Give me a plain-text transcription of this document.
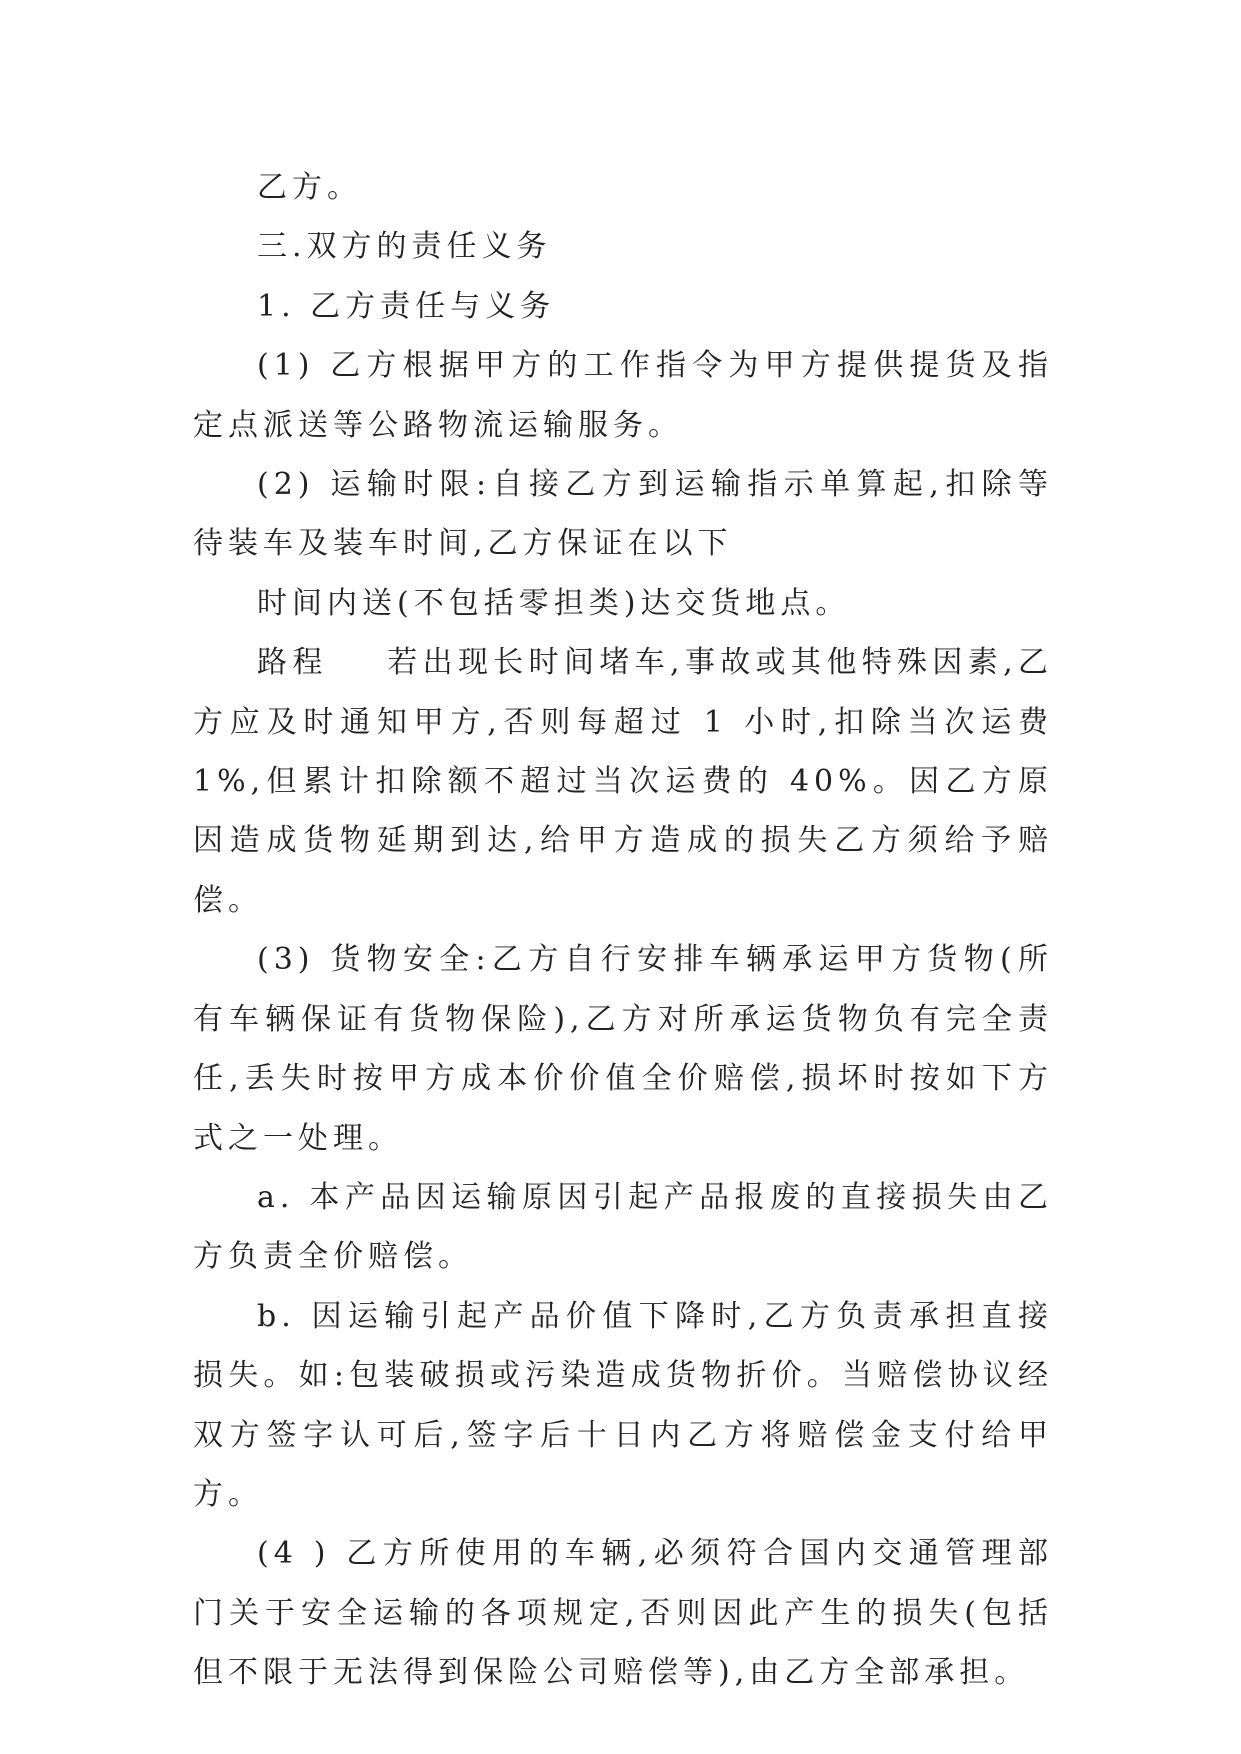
乙方。

三.双方的责任义务

1. 乙方责任与义务

(1) 乙方根据甲方的工作指令为甲方提供提货及指定点派送等公路物流运输服务。

(2) 运输时限:自接乙方到运输指示单算起,扣除等待装车及装车时间,乙方保证在以下

时间内送(不包括零担类)达交货地点。

路程    若出现长时间堵车,事故或其他特殊因素,乙方应及时通知甲方,否则每超过 1 小时,扣除当次运费 1%,但累计扣除额不超过当次运费的 40%。因乙方原因造成货物延期到达,给甲方造成的损失乙方须给予赔偿。

(3) 货物安全:乙方自行安排车辆承运甲方货物(所有车辆保证有货物保险),乙方对所承运货物负有完全责任,丢失时按甲方成本价价值全价赔偿,损坏时按如下方式之一处理。

a. 本产品因运输原因引起产品报废的直接损失由乙方负责全价赔偿。

b. 因运输引起产品价值下降时,乙方负责承担直接损失。如:包装破损或污染造成货物折价。当赔偿协议经双方签字认可后,签字后十日内乙方将赔偿金支付给甲方。

(4 ) 乙方所使用的车辆,必须符合国内交通管理部门关于安全运输的各项规定,否则因此产生的损失(包括但不限于无法得到保险公司赔偿等),由乙方全部承担。
